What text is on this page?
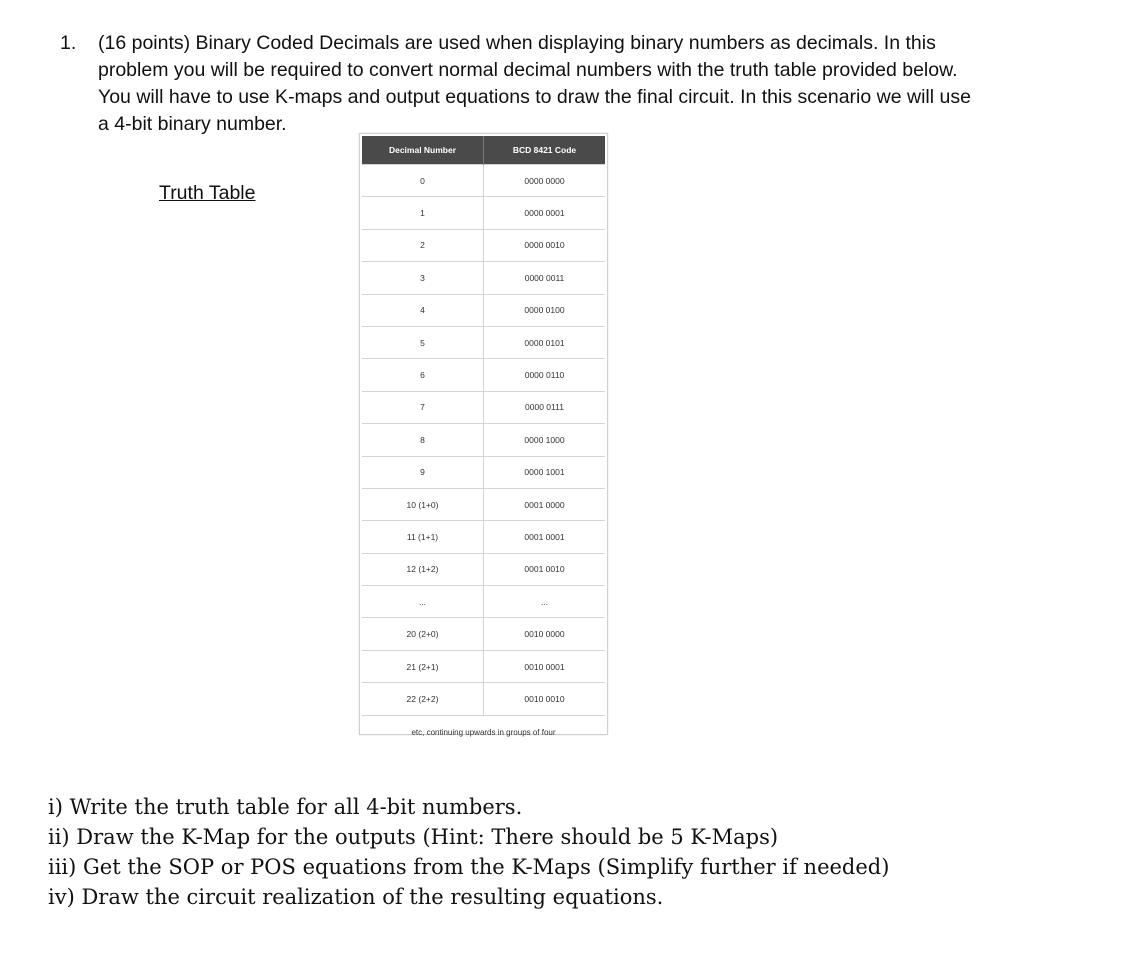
1.	(16 points) Binary Coded Decimals are used when displaying binary numbers as decimals. In this
problem you will be required to convert normal decimal numbers with the truth table provided below.
You will have to use K-maps and output equations to draw the final circuit. In this scenario we will use
a 4-bit binary number.
Truth Table
Decimal Number	BCD 8421 Code
0	0000 0000
1	0000 0001
2	0000 0010
3	0000 0011
4	0000 0100
5	0000 0101
6	0000 0110
7	0000 0111
8	0000 1000
9	0000 1001
10 (1+0)	0001 0000
11 (1+1)	0001 0001
12 (1+2)	0001 0010
...	...
20 (2+0)	0010 0000
21 (2+1)	0010 0001
22 (2+2)	0010 0010
etc, continuing upwards in groups of four
i) Write the truth table for all 4-bit numbers.
ii) Draw the K-Map for the outputs (Hint: There should be 5 K-Maps)
iii) Get the SOP or POS equations from the K-Maps (Simplify further if needed)
iv) Draw the circuit realization of the resulting equations.
